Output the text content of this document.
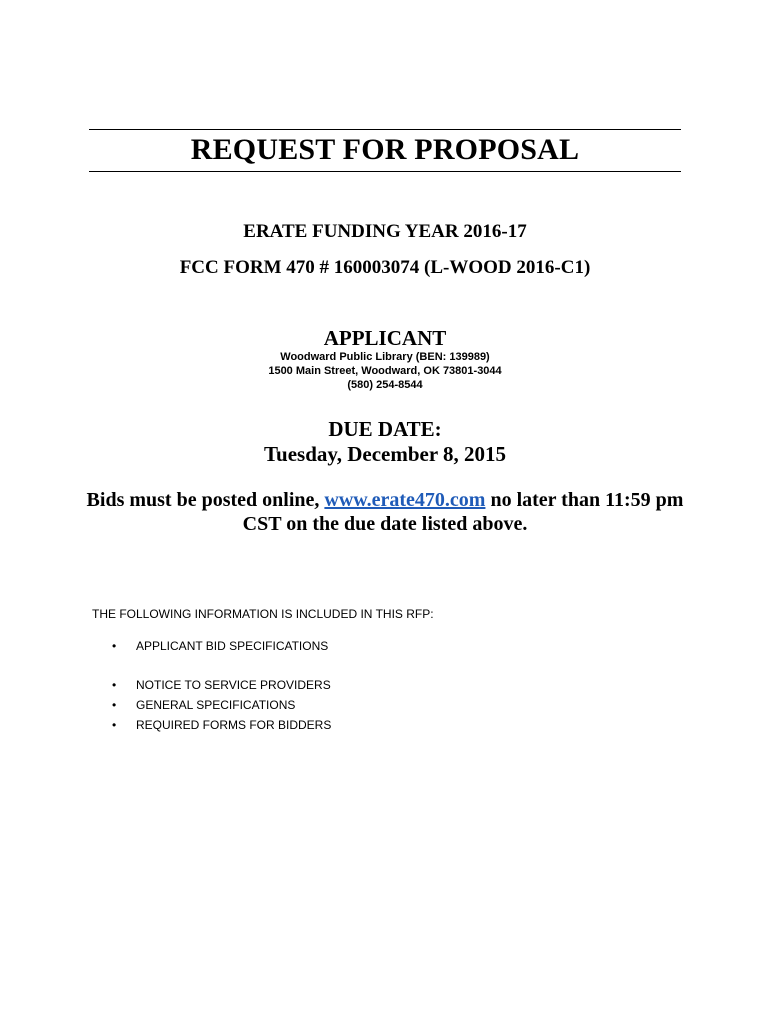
REQUEST FOR PROPOSAL
ERATE FUNDING YEAR 2016-17
FCC FORM 470 # 160003074 (L-WOOD 2016-C1)
APPLICANT
Woodward Public Library (BEN: 139989)
1500 Main Street, Woodward, OK 73801-3044
(580) 254-8544
DUE DATE:
Tuesday, December 8, 2015
Bids must be posted online, www.erate470.com no later than 11:59 pm CST on the due date listed above.
THE FOLLOWING INFORMATION IS INCLUDED IN THIS RFP:
•	APPLICANT BID SPECIFICATIONS
•	NOTICE TO SERVICE PROVIDERS
•	GENERAL SPECIFICATIONS
•	REQUIRED FORMS FOR BIDDERS
